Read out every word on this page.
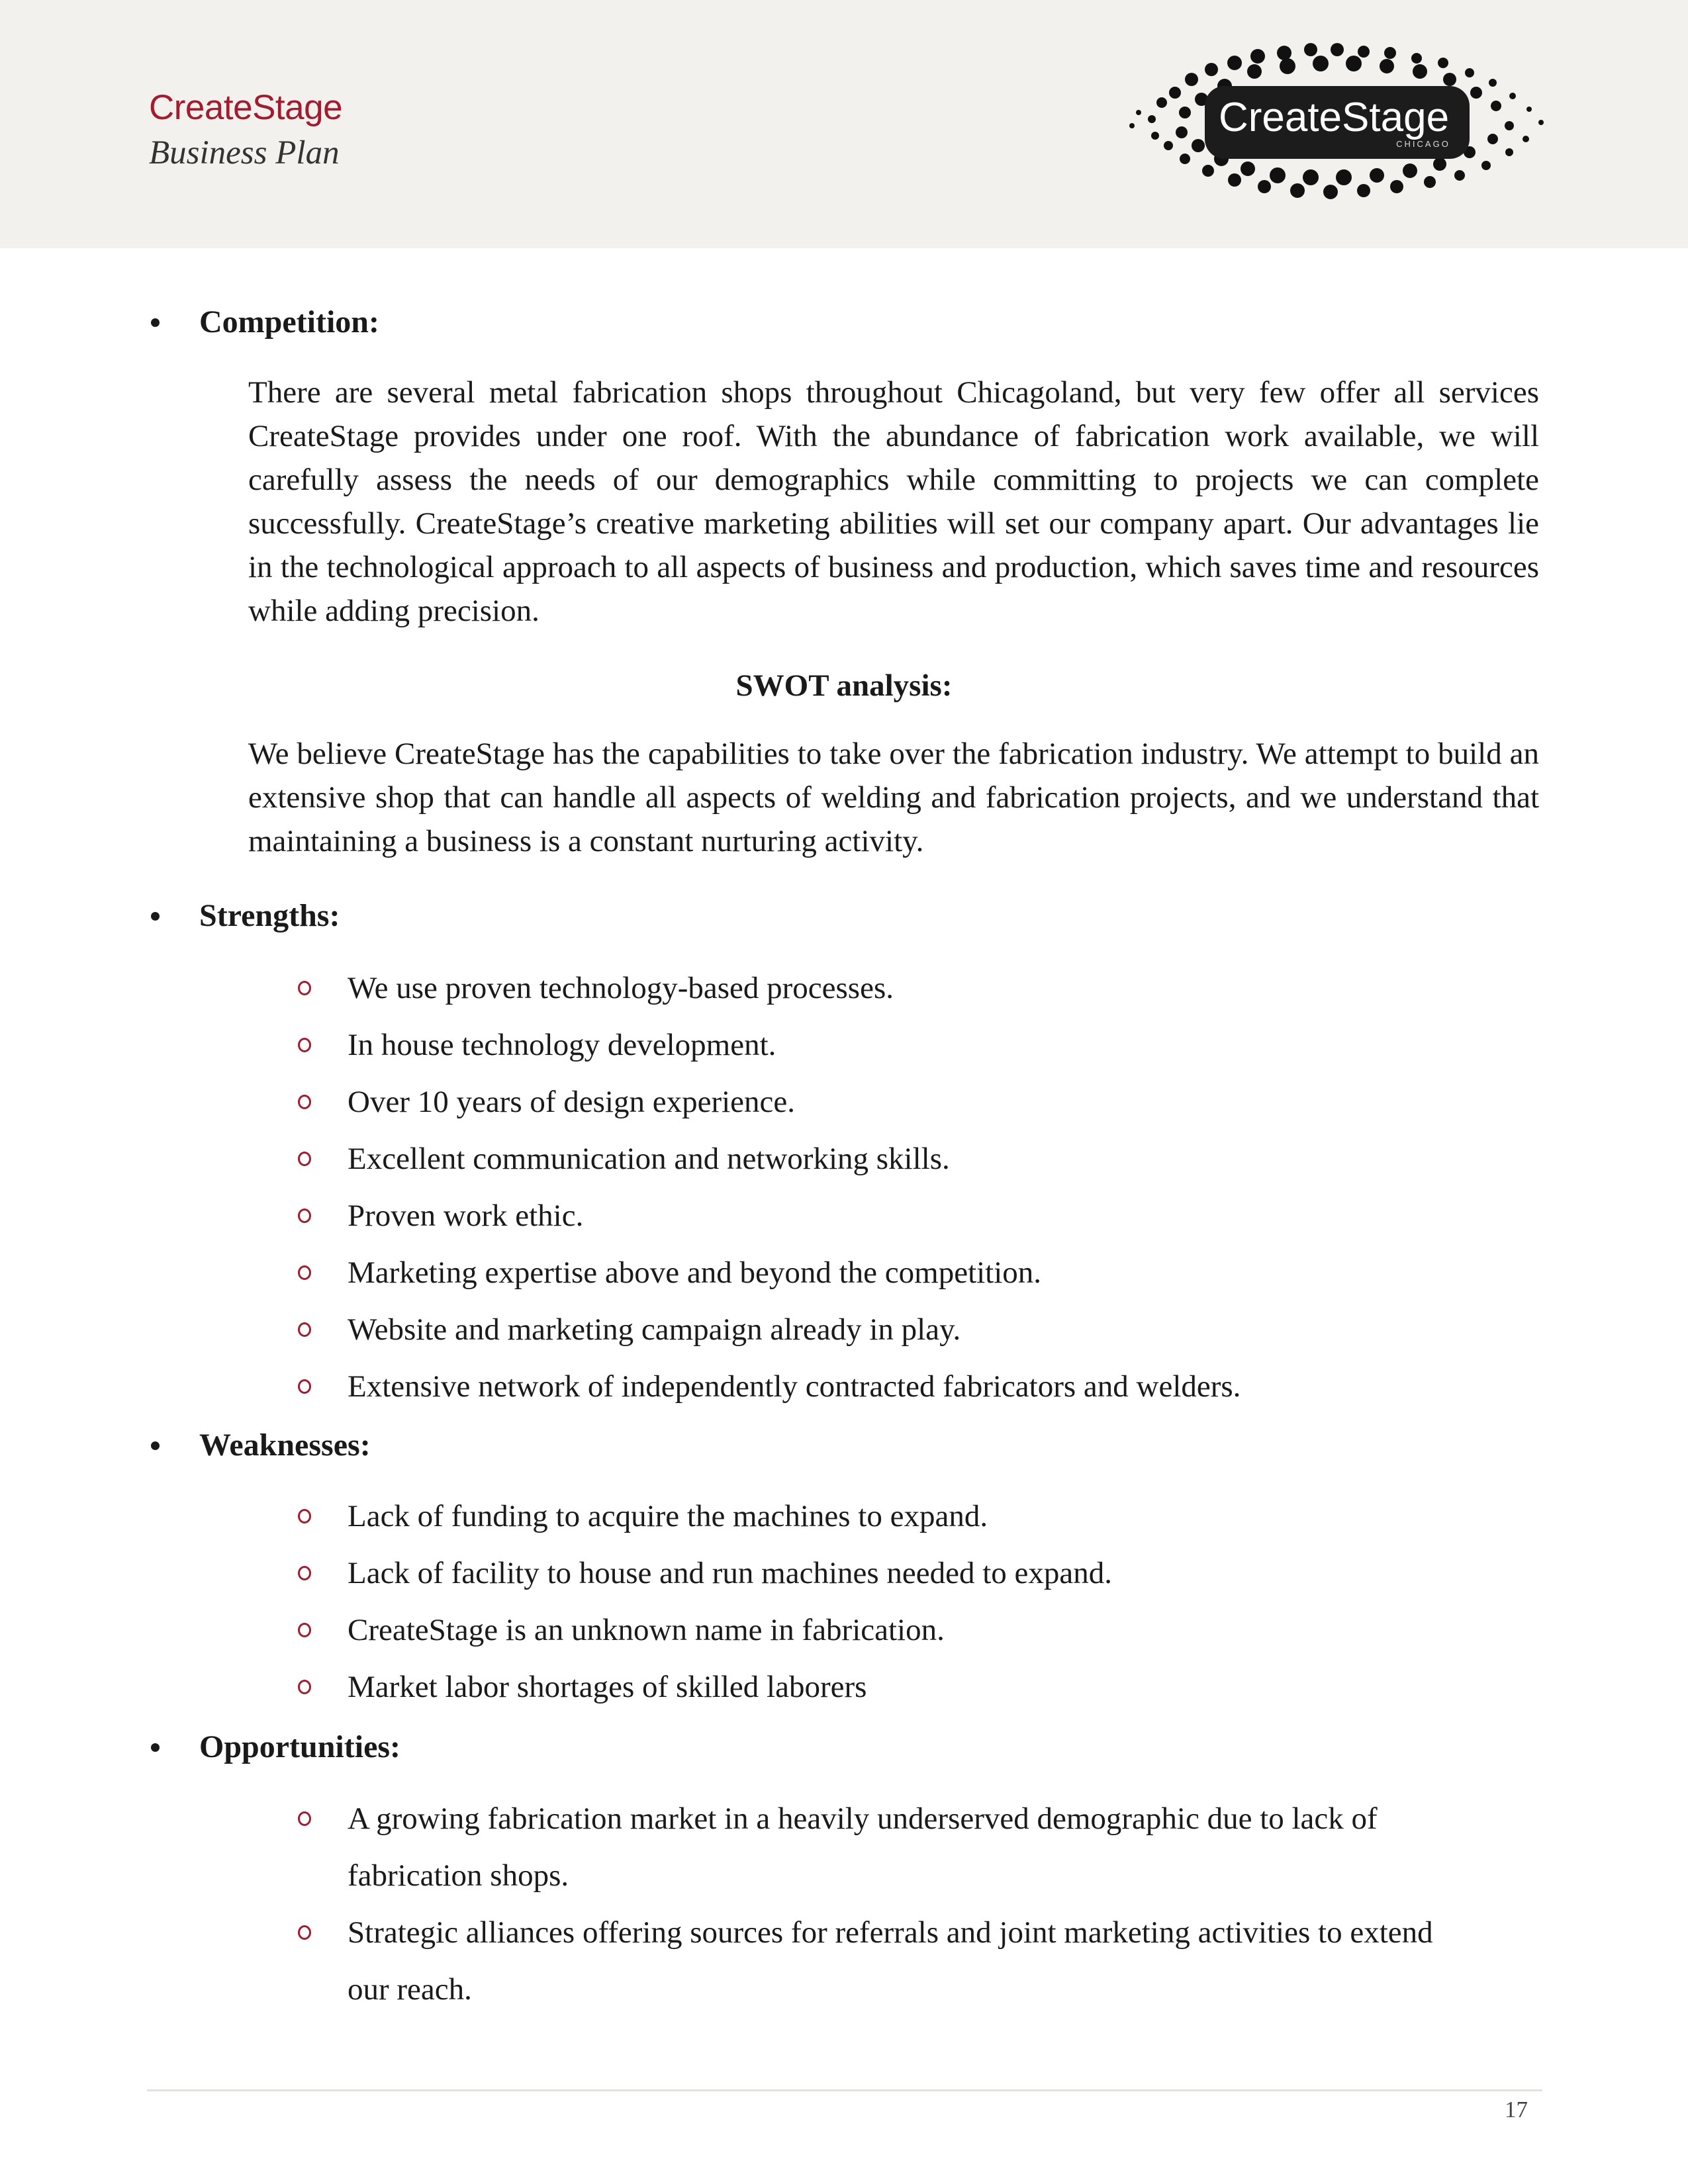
CreateStage
Business Plan
CreateStage
CHICAGO
Competition:

There are several metal fabrication shops throughout Chicagoland, but very few offer all services CreateStage provides under one roof. With the abundance of fabrication work available, we will carefully assess the needs of our demographics while committing to projects we can complete successfully. CreateStage’s creative marketing abilities will set our company apart. Our advantages lie in the technological approach to all aspects of business and production, which saves time and resources while adding precision.

SWOT analysis:

We believe CreateStage has the capabilities to take over the fabrication industry. We attempt to build an extensive shop that can handle all aspects of welding and fabrication projects, and we understand that maintaining a business is a constant nurturing activity.

Strengths:
We use proven technology-based processes.
In house technology development.
Over 10 years of design experience.
Excellent communication and networking skills.
Proven work ethic.
Marketing expertise above and beyond the competition.
Website and marketing campaign already in play.
Extensive network of independently contracted fabricators and welders.
Weaknesses:
Lack of funding to acquire the machines to expand.
Lack of facility to house and run machines needed to expand.
CreateStage is an unknown name in fabrication.
Market labor shortages of skilled laborers
Opportunities:
A growing fabrication market in a heavily underserved demographic due to lack of
fabrication shops.
Strategic alliances offering sources for referrals and joint marketing activities to extend
our reach.
17
